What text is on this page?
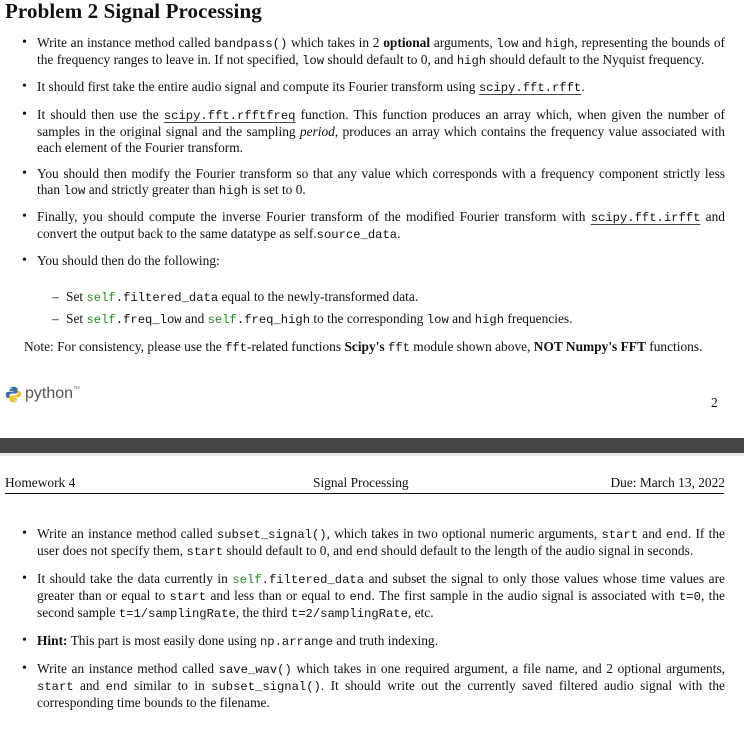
Problem 2 Signal Processing
• Write an instance method called bandpass() which takes in 2 optional arguments, low and high, representing the bounds of the frequency ranges to leave in. If not specified, low should default to 0, and high should default to the Nyquist frequency.
• It should first take the entire audio signal and compute its Fourier transform using scipy.fft.rfft.
• It should then use the scipy.fft.rfftfreq function. This function produces an array which, when given the number of samples in the original signal and the sampling period, produces an array which contains the frequency value associated with each element of the Fourier transform.
• You should then modify the Fourier transform so that any value which corresponds with a frequency component strictly less than low and strictly greater than high is set to 0.
• Finally, you should compute the inverse Fourier transform of the modified Fourier transform with scipy.fft.irfft and convert the output back to the same datatype as self.source_data.
• You should then do the following:
– Set self.filtered_data equal to the newly-transformed data.
– Set self.freq_low and self.freq_high to the corresponding low and high frequencies.
Note: For consistency, please use the fft-related functions Scipy's fft module shown above, NOT Numpy's FFT functions.
python ™
2
Homework 4	Signal Processing	Due: March 13, 2022
• Write an instance method called subset_signal(), which takes in two optional numeric arguments, start and end. If the user does not specify them, start should default to 0, and end should default to the length of the audio signal in seconds.
• It should take the data currently in self.filtered_data and subset the signal to only those values whose time values are greater than or equal to start and less than or equal to end. The first sample in the audio signal is associated with t=0, the second sample t=1/samplingRate, the third t=2/samplingRate, etc.
• Hint: This part is most easily done using np.arrange and truth indexing.
• Write an instance method called save_wav() which takes in one required argument, a file name, and 2 optional arguments, start and end similar to in subset_signal(). It should write out the currently saved filtered audio signal with the corresponding time bounds to the filename.
